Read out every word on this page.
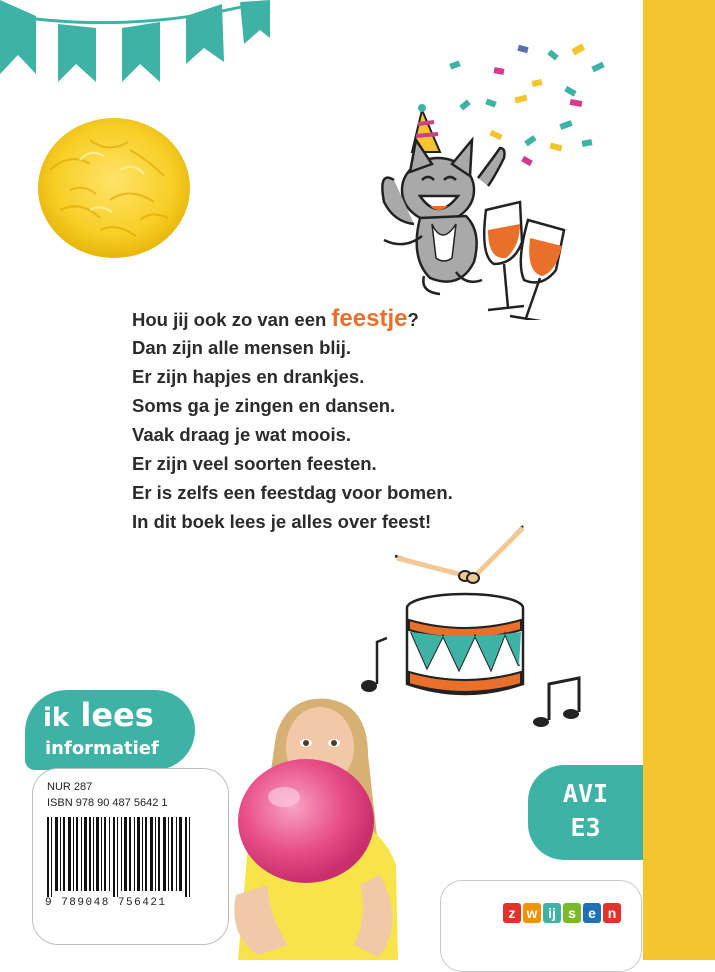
Hou jij ook zo van een feestje?
Dan zijn alle mensen blij.
Er zijn hapjes en drankjes.
Soms ga je zingen en dansen.
Vaak draag je wat moois.
Er zijn veel soorten feesten.
Er is zelfs een feestdag voor bomen.
In dit boek lees je alles over feest!
ik lees
informatief
NUR 287
ISBN 978 90 487 5642 1
9 789048 756421
AVI
E3
z w ij s e n
